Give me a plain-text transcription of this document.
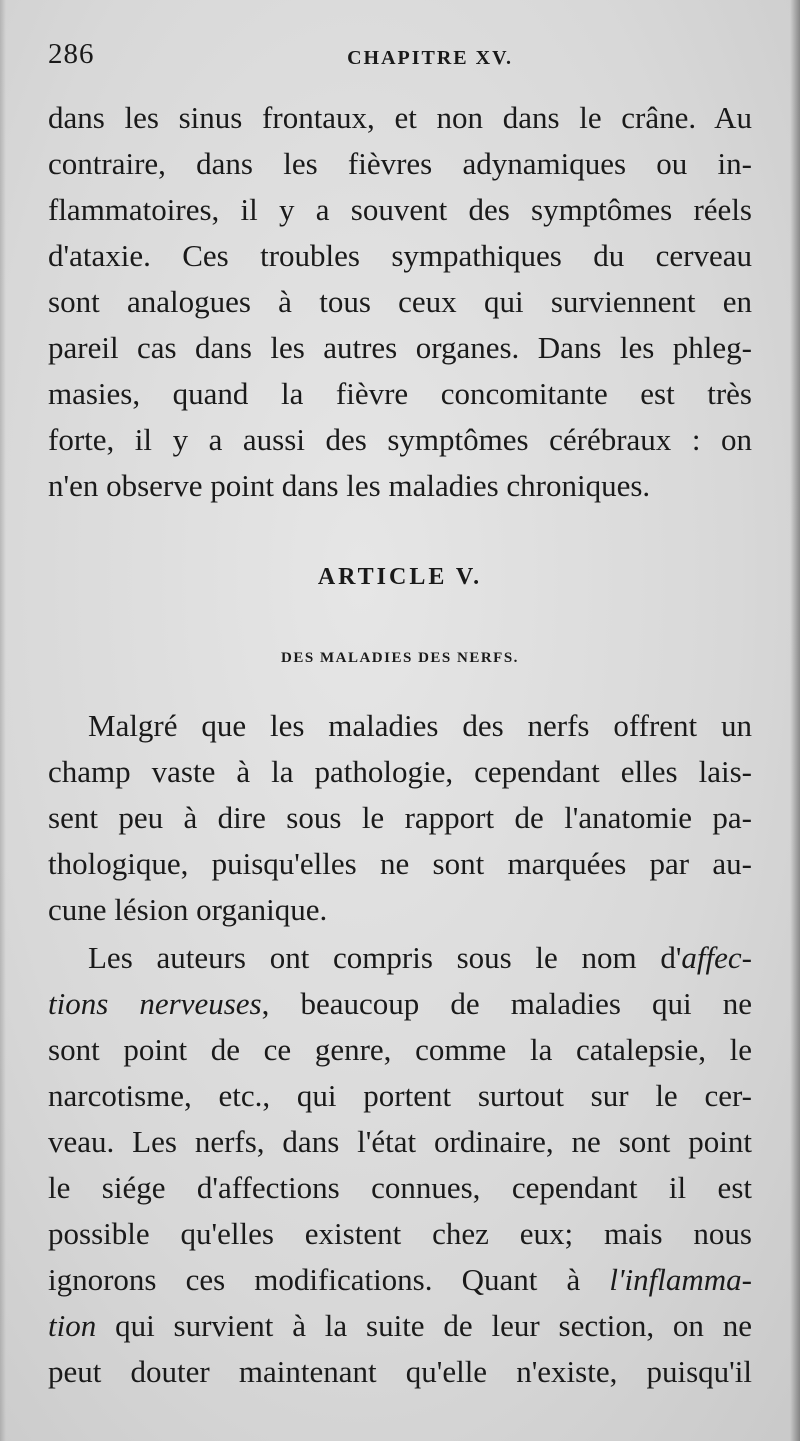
286	CHAPITRE XV.
dans les sinus frontaux, et non dans le crâne. Au
contraire, dans les fièvres adynamiques ou in-
flammatoires, il y a souvent des symptômes réels
d'ataxie. Ces troubles sympathiques du cerveau
sont analogues à tous ceux qui surviennent en
pareil cas dans les autres organes. Dans les phleg-
masies, quand la fièvre concomitante est très
forte, il y a aussi des symptômes cérébraux : on
n'en observe point dans les maladies chroniques.
ARTICLE V.
DES MALADIES DES NERFS.
Malgré que les maladies des nerfs offrent un
champ vaste à la pathologie, cependant elles lais-
sent peu à dire sous le rapport de l'anatomie pa-
thologique, puisqu'elles ne sont marquées par au-
cune lésion organique.
Les auteurs ont compris sous le nom d'affec-
tions nerveuses, beaucoup de maladies qui ne
sont point de ce genre, comme la catalepsie, le
narcotisme, etc., qui portent surtout sur le cer-
veau. Les nerfs, dans l'état ordinaire, ne sont point
le siége d'affections connues, cependant il est
possible qu'elles existent chez eux; mais nous
ignorons ces modifications. Quant à l'inflamma-
tion qui survient à la suite de leur section, on ne
peut douter maintenant qu'elle n'existe, puisqu'il
